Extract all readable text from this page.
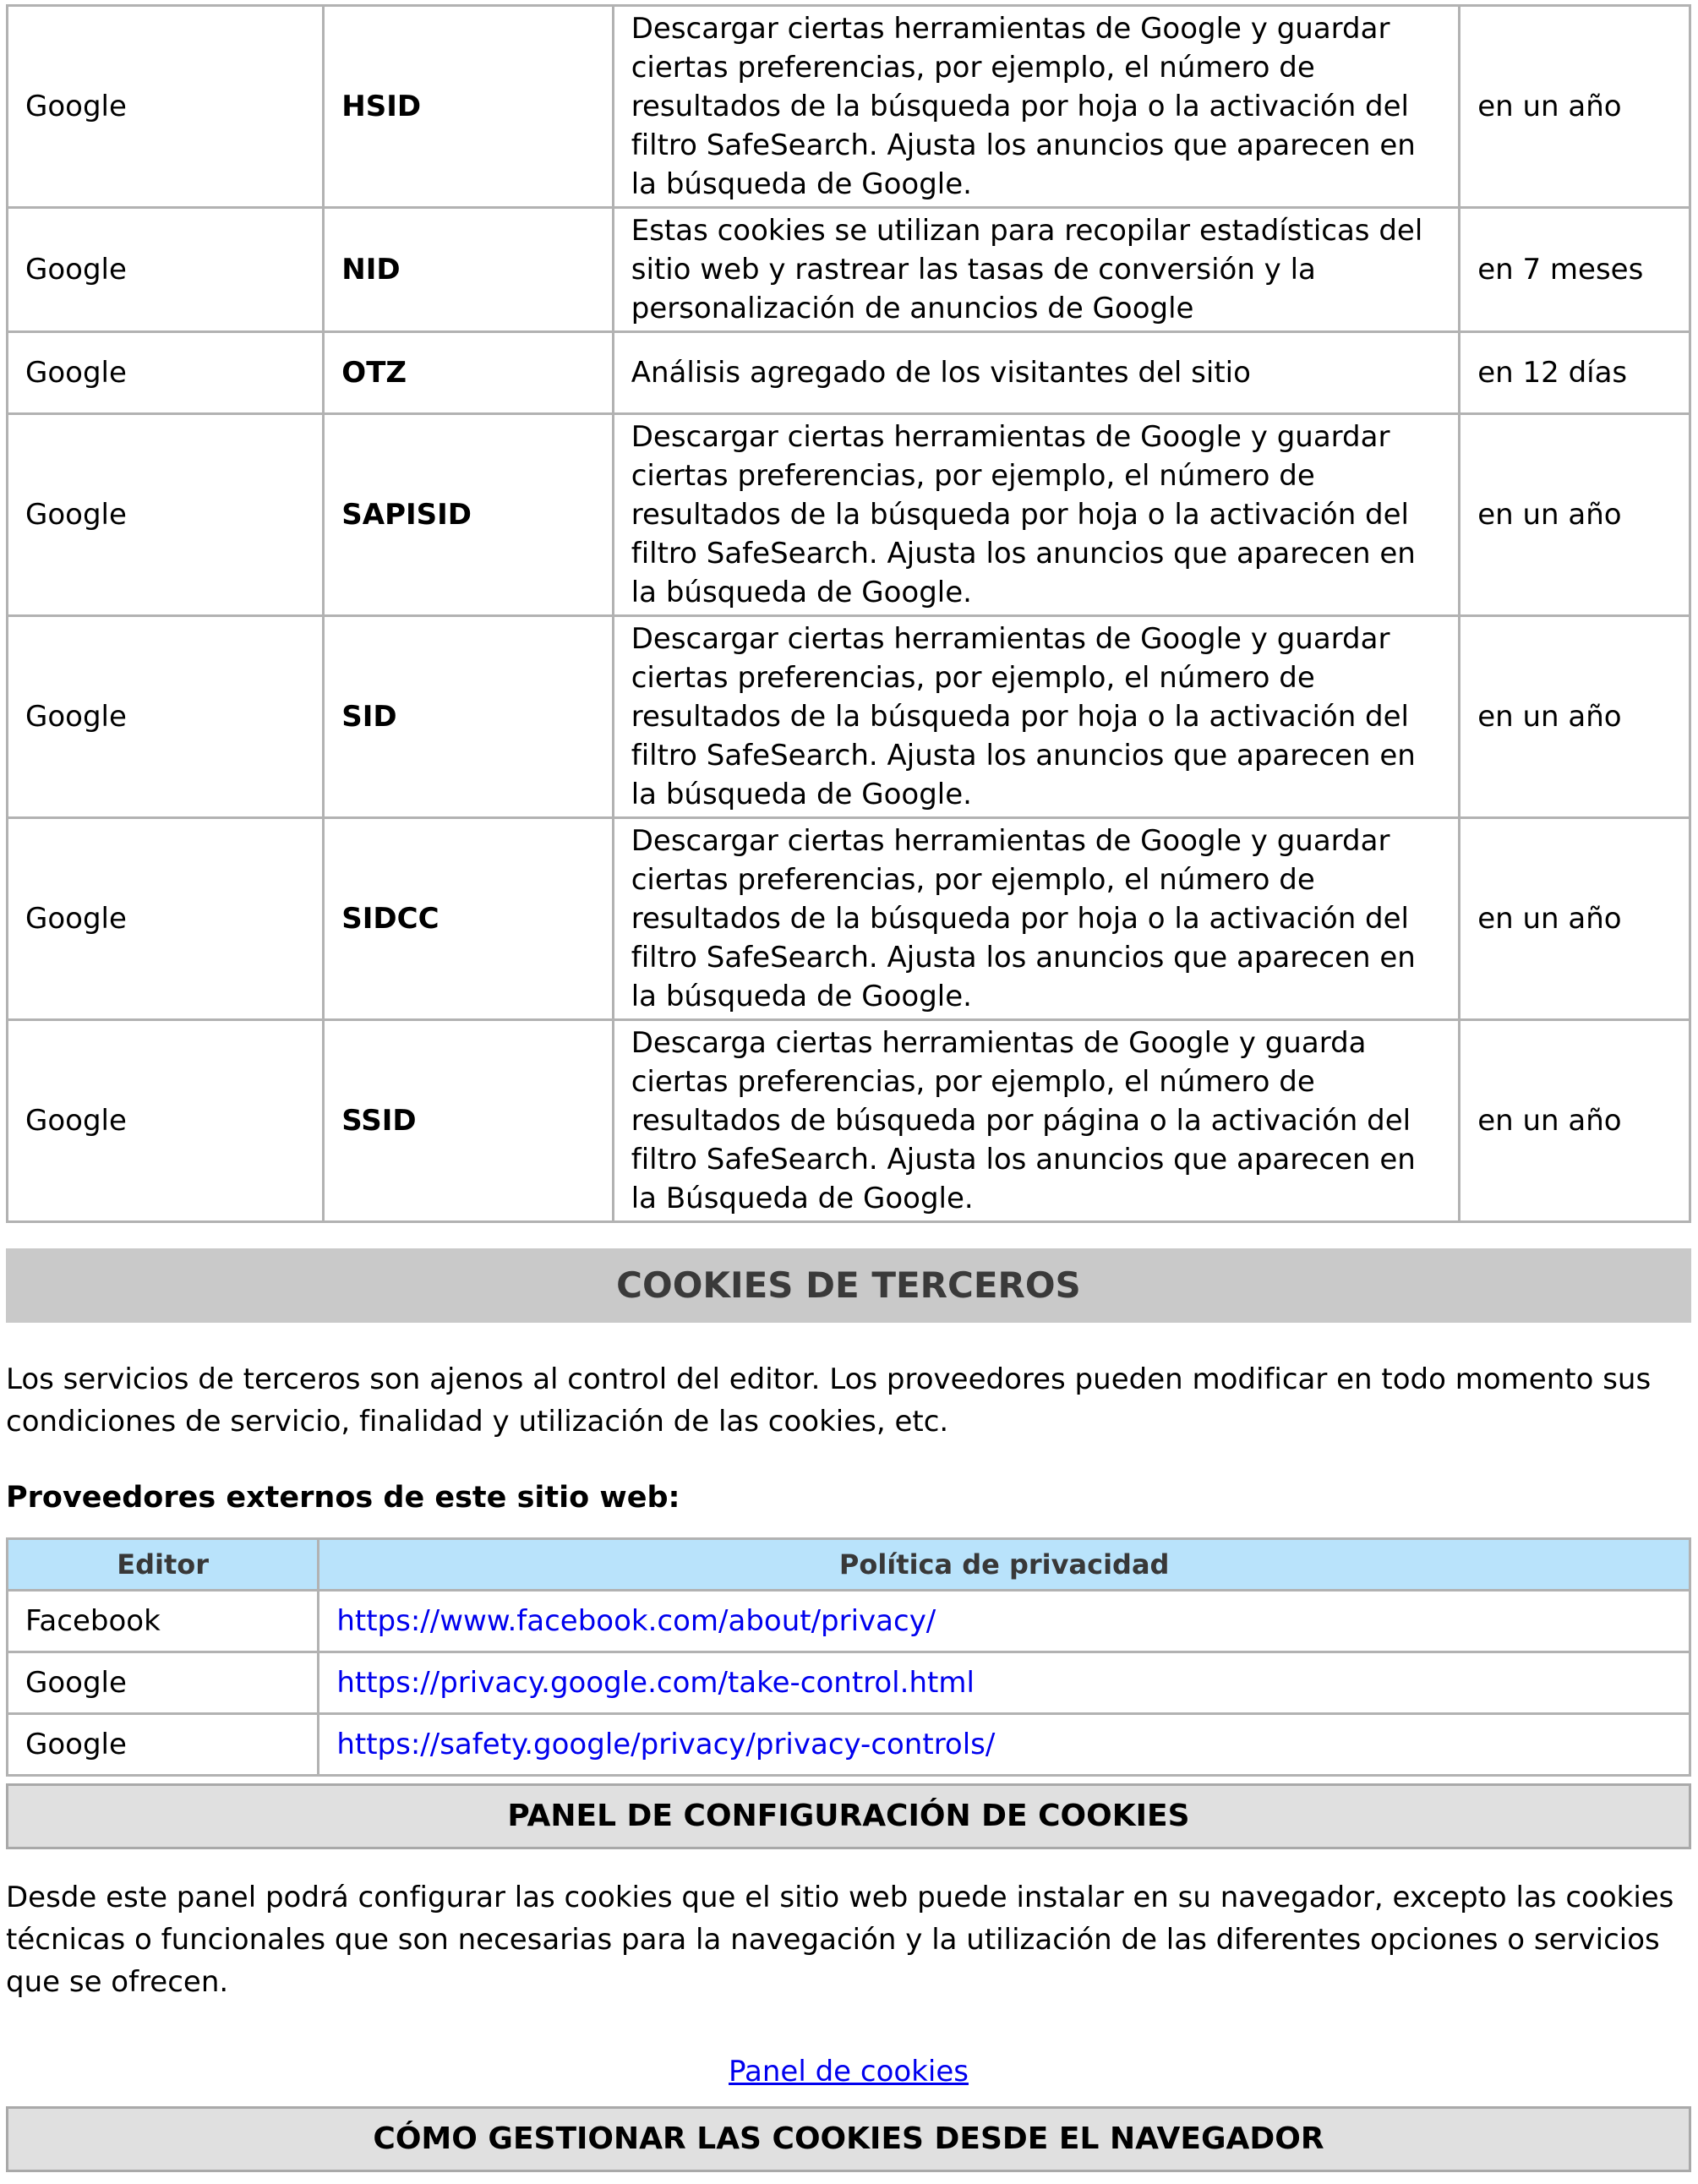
Google	HSID	Descargar ciertas herramientas de Google y guardar ciertas preferencias, por ejemplo, el número de resultados de la búsqueda por hoja o la activación del filtro SafeSearch. Ajusta los anuncios que aparecen en la búsqueda de Google.	en un año
Google	NID	Estas cookies se utilizan para recopilar estadísticas del sitio web y rastrear las tasas de conversión y la personalización de anuncios de Google	en 7 meses
Google	OTZ	Análisis agregado de los visitantes del sitio	en 12 días
Google	SAPISID	Descargar ciertas herramientas de Google y guardar ciertas preferencias, por ejemplo, el número de resultados de la búsqueda por hoja o la activación del filtro SafeSearch. Ajusta los anuncios que aparecen en la búsqueda de Google.	en un año
Google	SID	Descargar ciertas herramientas de Google y guardar ciertas preferencias, por ejemplo, el número de resultados de la búsqueda por hoja o la activación del filtro SafeSearch. Ajusta los anuncios que aparecen en la búsqueda de Google.	en un año
Google	SIDCC	Descargar ciertas herramientas de Google y guardar ciertas preferencias, por ejemplo, el número de resultados de la búsqueda por hoja o la activación del filtro SafeSearch. Ajusta los anuncios que aparecen en la búsqueda de Google.	en un año
Google	SSID	Descarga ciertas herramientas de Google y guarda ciertas preferencias, por ejemplo, el número de resultados de búsqueda por página o la activación del filtro SafeSearch. Ajusta los anuncios que aparecen en la Búsqueda de Google.	en un año
COOKIES DE TERCEROS

Los servicios de terceros son ajenos al control del editor. Los proveedores pueden modificar en todo momento sus condiciones de servicio, finalidad y utilización de las cookies, etc.

Proveedores externos de este sitio web:

Editor	Política de privacidad
Facebook	https://www.facebook.com/about/privacy/
Google	https://privacy.google.com/take-control.html
Google	https://safety.google/privacy/privacy-controls/
PANEL DE CONFIGURACIÓN DE COOKIES

Desde este panel podrá configurar las cookies que el sitio web puede instalar en su navegador, excepto las cookies técnicas o funcionales que son necesarias para la navegación y la utilización de las diferentes opciones o servicios que se ofrecen.

Panel de cookies

CÓMO GESTIONAR LAS COOKIES DESDE EL NAVEGADOR
